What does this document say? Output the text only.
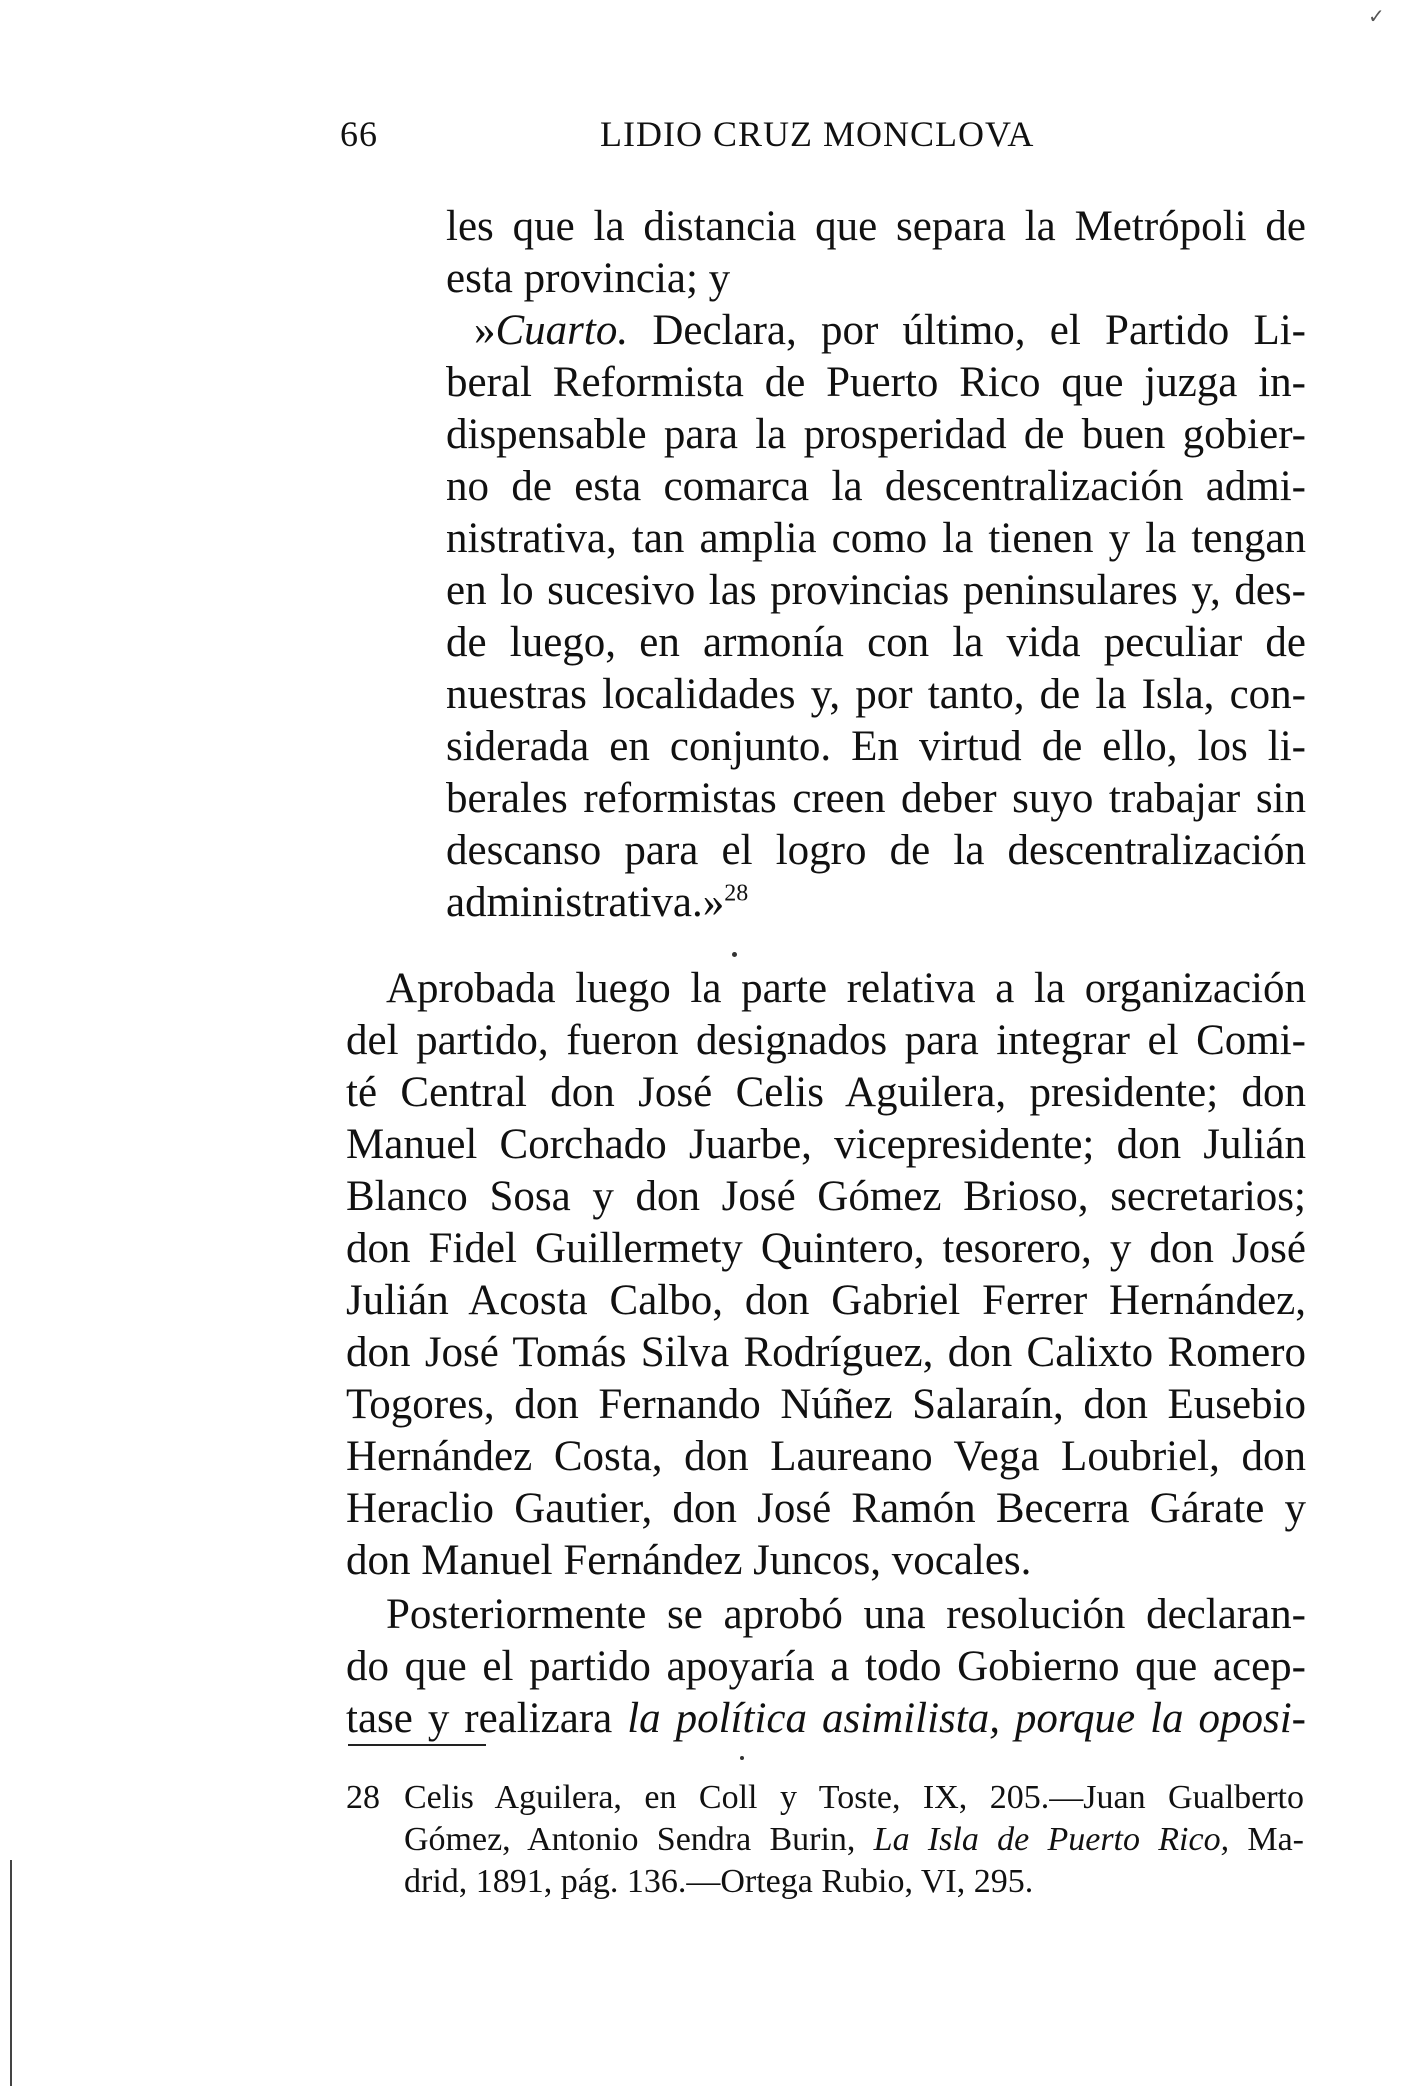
✓
66	LIDIO CRUZ MONCLOVA
les que la distancia que separa la Metrópoli de
esta provincia; y
»Cuarto. Declara, por último, el Partido Li-
beral Reformista de Puerto Rico que juzga in-
dispensable para la prosperidad de buen gobier-
no de esta comarca la descentralización admi-
nistrativa, tan amplia como la tienen y la tengan
en lo sucesivo las provincias peninsulares y, des-
de luego, en armonía con la vida peculiar de
nuestras localidades y, por tanto, de la Isla, con-
siderada en conjunto. En virtud de ello, los li-
berales reformistas creen deber suyo trabajar sin
descanso para el logro de la descentralización
administrativa.»$^{28}$
Aprobada luego la parte relativa a la organización
del partido, fueron designados para integrar el Comi-
té Central don José Celis Aguilera, presidente; don
Manuel Corchado Juarbe, vicepresidente; don Julián
Blanco Sosa y don José Gómez Brioso, secretarios;
don Fidel Guillermety Quintero, tesorero, y don José
Julián Acosta Calbo, don Gabriel Ferrer Hernández,
don José Tomás Silva Rodríguez, don Calixto Romero
Togores, don Fernando Núñez Salaraín, don Eusebio
Hernández Costa, don Laureano Vega Loubriel, don
Heraclio Gautier, don José Ramón Becerra Gárate y
don Manuel Fernández Juncos, vocales.
Posteriormente se aprobó una resolución declaran-
do que el partido apoyaría a todo Gobierno que acep-
tase y realizara la política asimilista, porque la oposi-
28 Celis Aguilera, en Coll y Toste, IX, 205.—Juan Gualberto
Gómez, Antonio Sendra Burin, La Isla de Puerto Rico, Ma-
drid, 1891, pág. 136.—Ortega Rubio, VI, 295.
